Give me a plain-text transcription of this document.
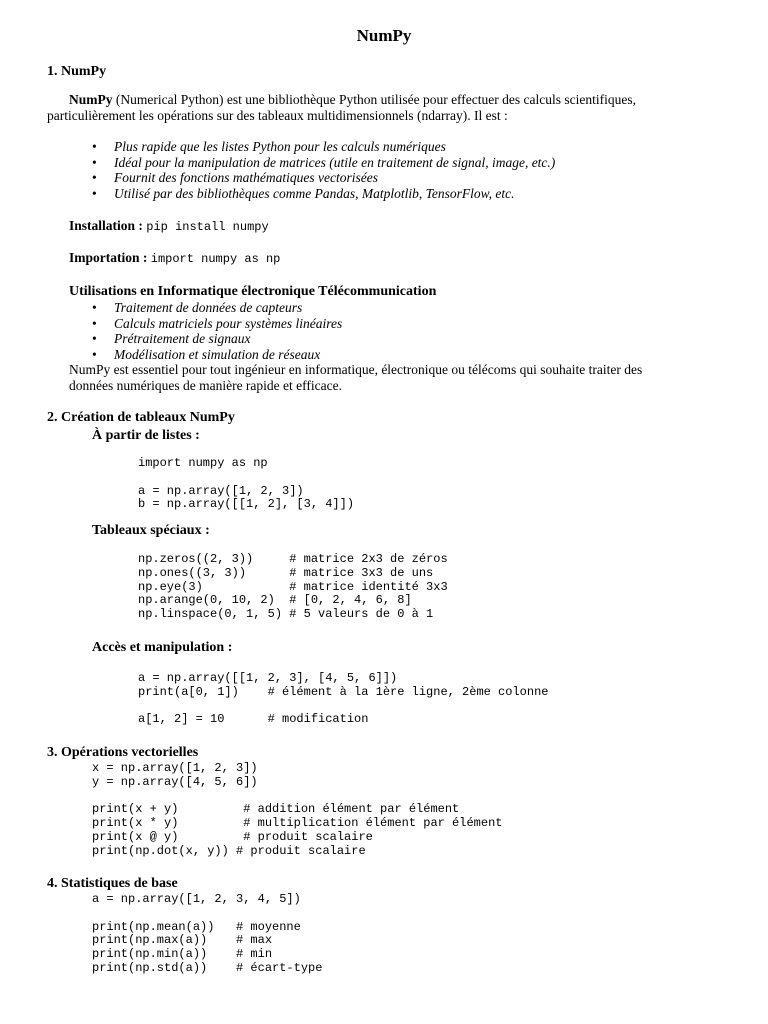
NumPy
1. NumPy
NumPy (Numerical Python) est une bibliothèque Python utilisée pour effectuer des calculs scientifiques,
particulièrement les opérations sur des tableaux multidimensionnels (ndarray). Il est :
• Plus rapide que les listes Python pour les calculs numériques
• Idéal pour la manipulation de matrices (utile en traitement de signal, image, etc.)
• Fournit des fonctions mathématiques vectorisées
• Utilisé par des bibliothèques comme Pandas, Matplotlib, TensorFlow, etc.
Installation : pip install numpy
Importation : import numpy as np
Utilisations en Informatique électronique Télécommunication
• Traitement de données de capteurs
• Calculs matriciels pour systèmes linéaires
• Prétraitement de signaux
• Modélisation et simulation de réseaux
NumPy est essentiel pour tout ingénieur en informatique, électronique ou télécoms qui souhaite traiter des
données numériques de manière rapide et efficace.
2. Création de tableaux NumPy
À partir de listes :
import numpy as np

a = np.array([1, 2, 3])
b = np.array([[1, 2], [3, 4]])
Tableaux spéciaux :
np.zeros((2, 3))     # matrice 2x3 de zéros
np.ones((3, 3))      # matrice 3x3 de uns
np.eye(3)            # matrice identité 3x3
np.arange(0, 10, 2)  # [0, 2, 4, 6, 8]
np.linspace(0, 1, 5) # 5 valeurs de 0 à 1
Accès et manipulation :
a = np.array([[1, 2, 3], [4, 5, 6]])
print(a[0, 1])    # élément à la 1ère ligne, 2ème colonne

a[1, 2] = 10      # modification
3. Opérations vectorielles
x = np.array([1, 2, 3])
y = np.array([4, 5, 6])

print(x + y)         # addition élément par élément
print(x * y)         # multiplication élément par élément
print(x @ y)         # produit scalaire
print(np.dot(x, y)) # produit scalaire
4. Statistiques de base
a = np.array([1, 2, 3, 4, 5])

print(np.mean(a))   # moyenne
print(np.max(a))    # max
print(np.min(a))    # min
print(np.std(a))    # écart-type
